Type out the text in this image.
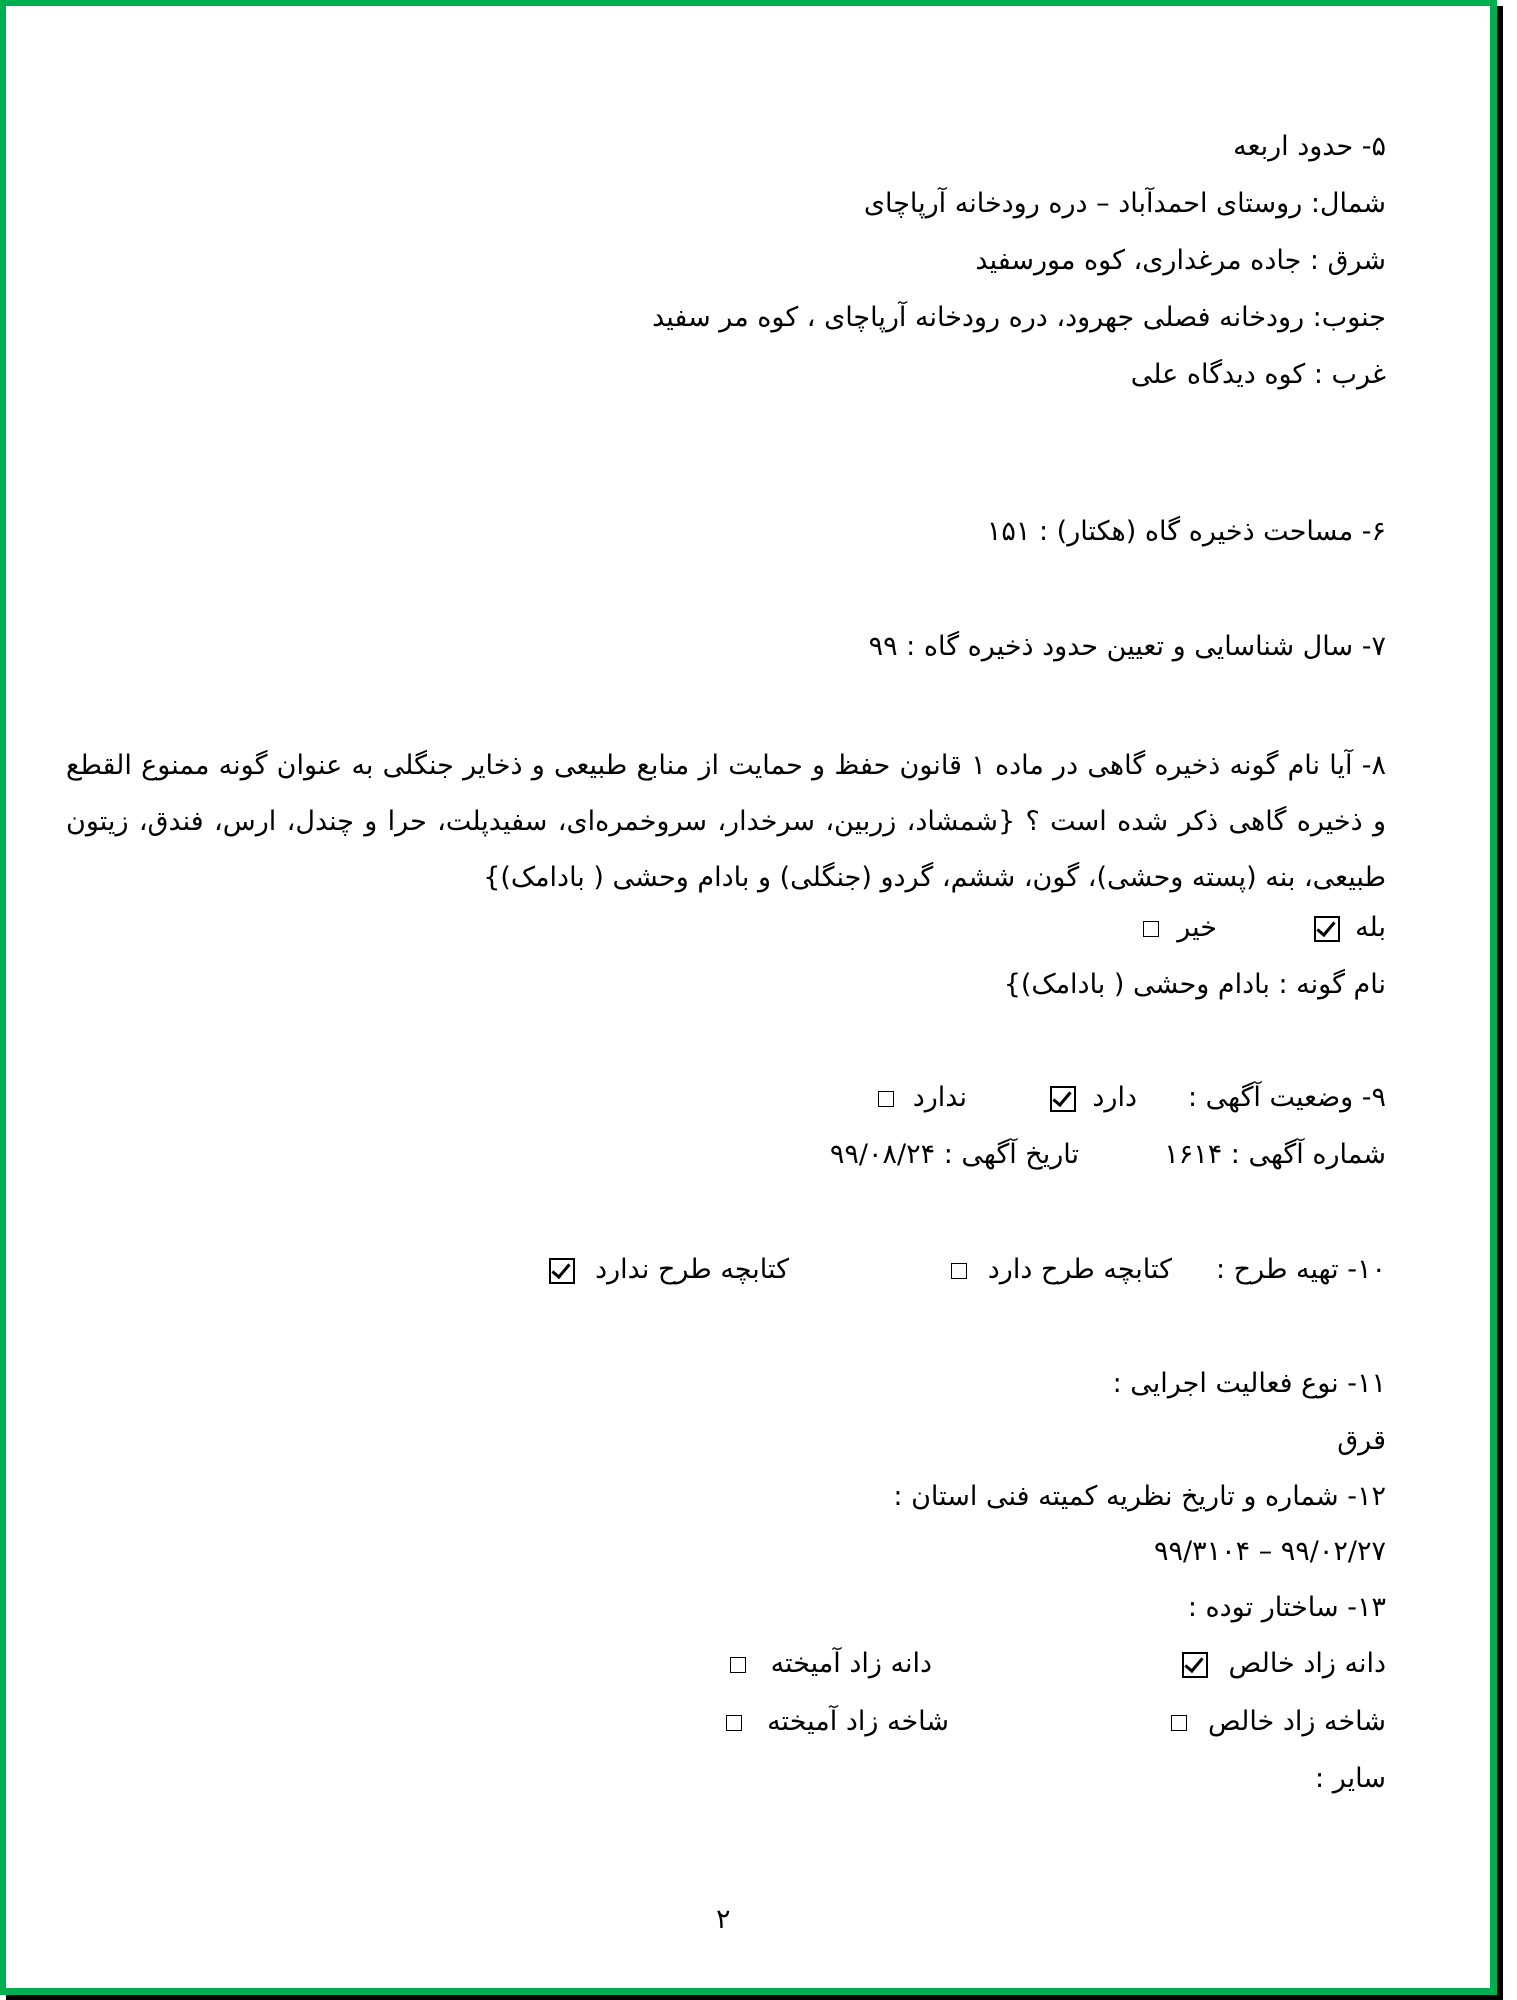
۵- حدود اربعه
شمال: روستای احمدآباد – دره رودخانه آرپاچای
شرق : جاده مرغداری، کوه مورسفید
جنوب: رودخانه فصلی جهرود، دره رودخانه آرپاچای ، کوه مر سفید
غرب : کوه دیدگاه علی
۶- مساحت ذخیره گاه (هکتار) : ۱۵۱
۷- سال شناسایی و تعیین حدود ذخیره گاه : ۹۹
۸- آیا نام گونه ذخیره گاهی در ماده ۱ قانون حفظ و حمایت از منابع طبیعی و ذخایر جنگلی به عنوان گونه ممنوع القطع و ذخیره گاهی ذکر شده است ؟ {شمشاد، زربین، سرخدار، سروخمره‌ای، سفیدپلت، حرا و چندل، ارس، فندق، زیتون طبیعی، بنه (پسته وحشی)، گون، ششم، گردو (جنگلی) و بادام وحشی ( بادامک)}
بله
خیر
نام گونه : بادام وحشی ( بادامک)}
۹- وضعیت آگهی :
دارد
ندارد
شماره آگهی : ۱۶۱۴
تاریخ آگهی : ۹۹/۰۸/۲۴
۱۰- تهیه طرح :
کتابچه طرح دارد
کتابچه طرح ندارد
۱۱- نوع فعالیت اجرایی :
قرق
۱۲- شماره و تاریخ نظریه کمیته فنی استان :
۹۹/۰۲/۲۷ – ۹۹/۳۱۰۴
۱۳- ساختار توده :
دانه زاد خالص
دانه زاد آمیخته
شاخه زاد خالص
شاخه زاد آمیخته
سایر :
۲
